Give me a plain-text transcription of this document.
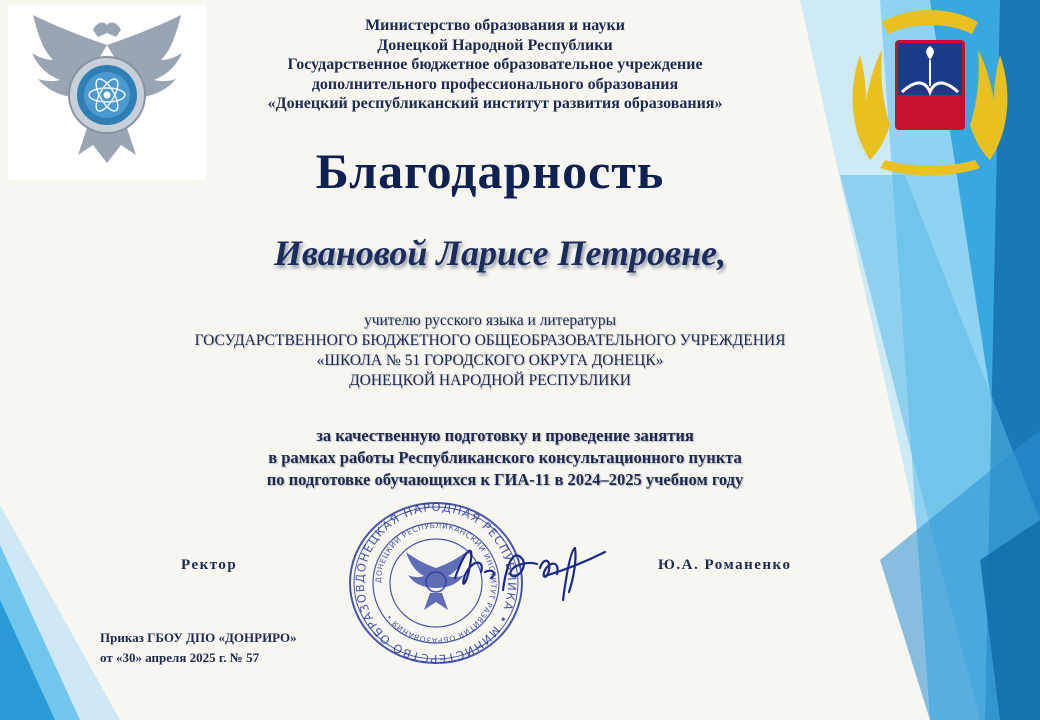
Министерство образования и науки
Донецкой Народной Республики
Государственное бюджетное образовательное учреждение
дополнительного профессионального образования
«Донецкий республиканский институт развития образования»
Благодарность
Ивановой Ларисе Петровне,
учителю русского языка и литературы
ГОСУДАРСТВЕННОГО БЮДЖЕТНОГО ОБЩЕОБРАЗОВАТЕЛЬНОГО УЧРЕЖДЕНИЯ
«ШКОЛА № 51 ГОРОДСКОГО ОКРУГА ДОНЕЦК»
ДОНЕЦКОЙ НАРОДНОЙ РЕСПУБЛИКИ
за качественную подготовку и проведение занятия
в рамках работы Республиканского консультационного пункта
по подготовке обучающихся к ГИА-11 в 2024–2025 учебном году
Ректор	Ю.А. Романенко
ДОНЕЦКАЯ НАРОДНАЯ РЕСПУБЛИКА • МИНИСТЕРСТВО ОБРАЗОВ
ДОНЕЦКИЙ РЕСПУБЛИКАНСКИЙ ИНСТИТУТ РАЗВИТИЯ ОБРАЗОВАНИЯ •
Приказ ГБОУ ДПО «ДОНРИРО»
от «30» апреля 2025 г. № 57
